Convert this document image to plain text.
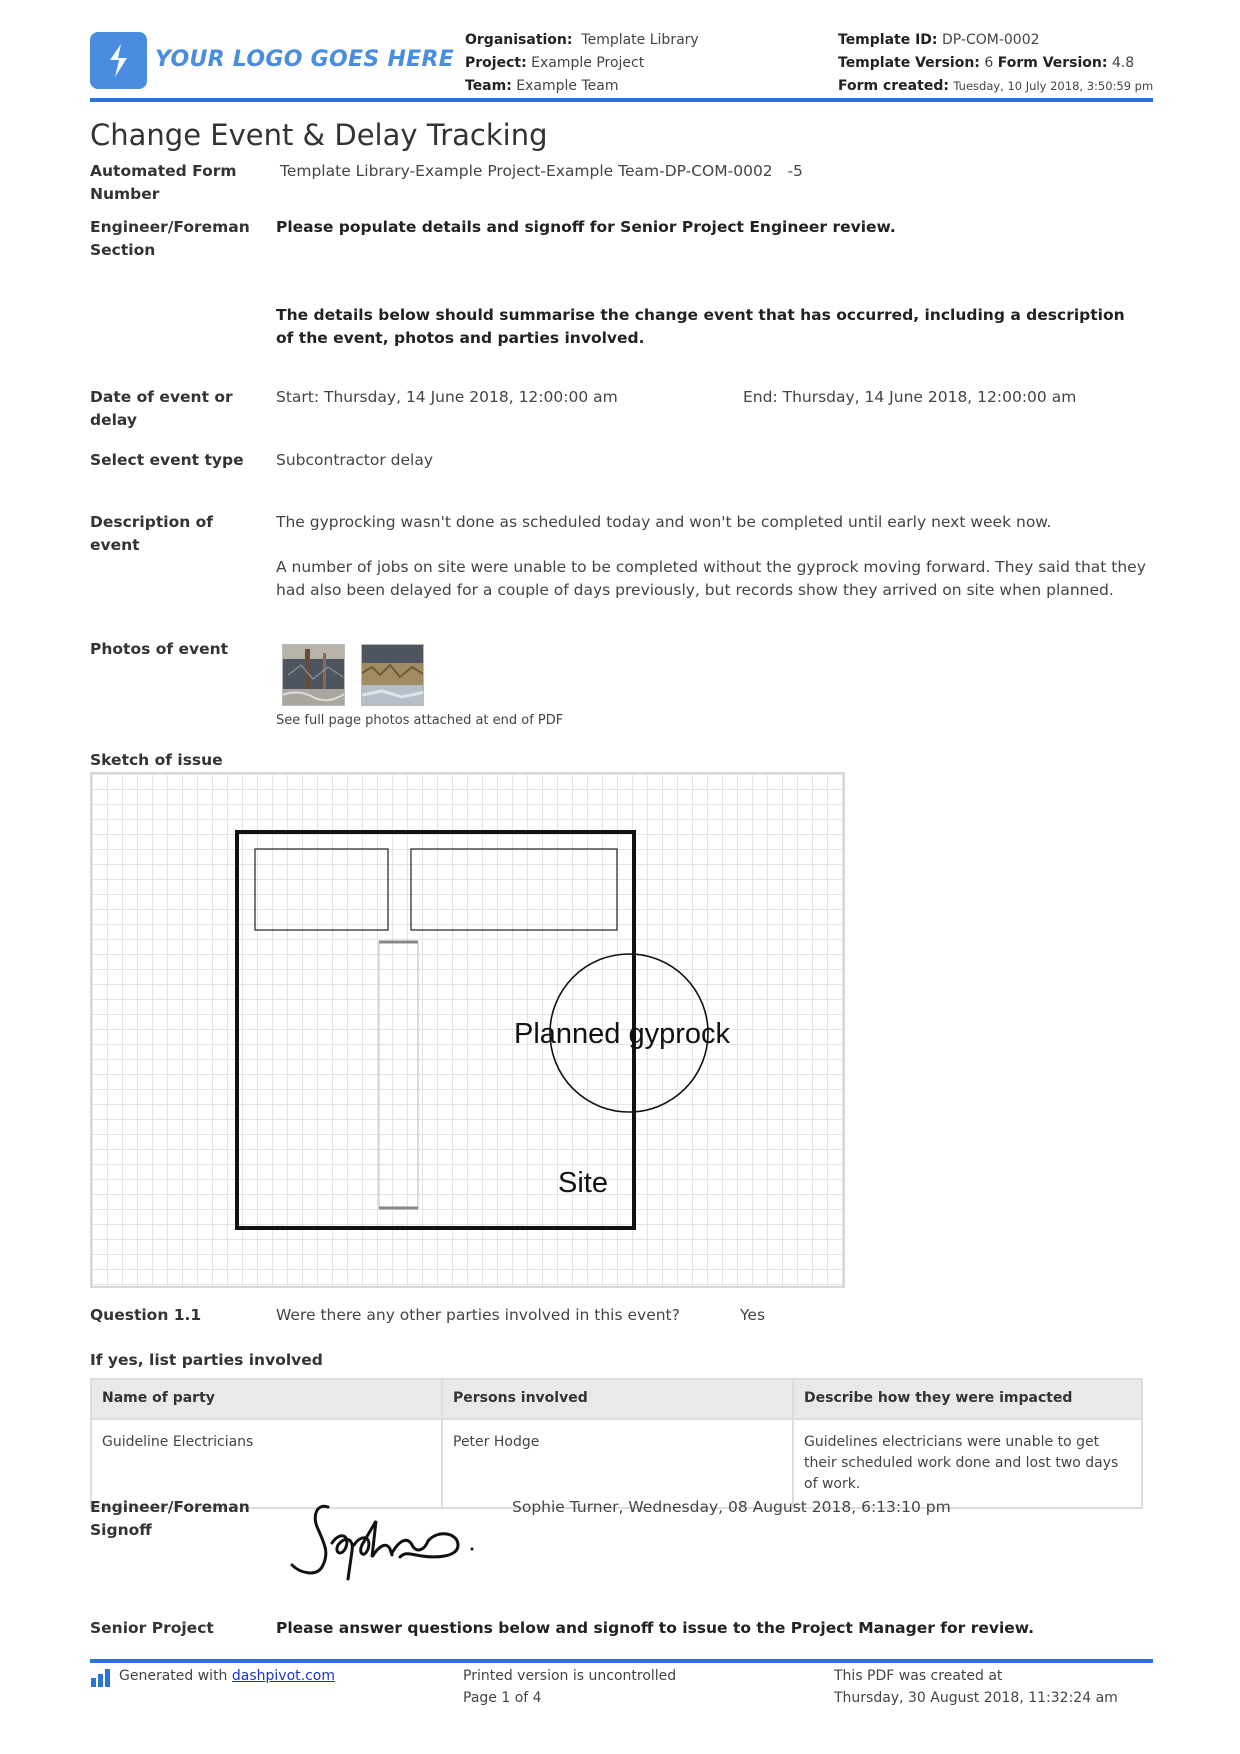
YOUR LOGO GOES HERE
Organisation: Template Library
Project: Example Project
Team: Example Team
Template ID: DP-COM-0002
Template Version: 6 Form Version: 4.8
Form created: Tuesday, 10 July 2018, 3:50:59 pm
Change Event & Delay Tracking
Automated Form Number
Template Library-Example Project-Example Team-DP-COM-0002   -5
Engineer/Foreman Section
Please populate details and signoff for Senior Project Engineer review.
The details below should summarise the change event that has occurred, including a description of the event, photos and parties involved.
Date of event or delay
Start: Thursday, 14 June 2018, 12:00:00 am	End: Thursday, 14 June 2018, 12:00:00 am
Select event type	Subcontractor delay
Description of event
The gyprocking wasn't done as scheduled today and won't be completed until early next week now.
A number of jobs on site were unable to be completed without the gyprock moving forward. They said that they had also been delayed for a couple of days previously, but records show they arrived on site when planned.
Photos of event
See full page photos attached at end of PDF
Sketch of issue
Planned gyprock
Site
Question 1.1	Were there any other parties involved in this event?	Yes
If yes, list parties involved
Name of party	Persons involved	Describe how they were impacted
Guideline Electricians	Peter Hodge	Guidelines electricians were unable to get their scheduled work done and lost two days of work.
Engineer/Foreman Signoff
Sophie Turner, Wednesday, 08 August 2018, 6:13:10 pm
Senior Project	Please answer questions below and signoff to issue to the Project Manager for review.
Generated with dashpivot.com	Printed version is uncontrolled
Page 1 of 4
This PDF was created at
Thursday, 30 August 2018, 11:32:24 am
